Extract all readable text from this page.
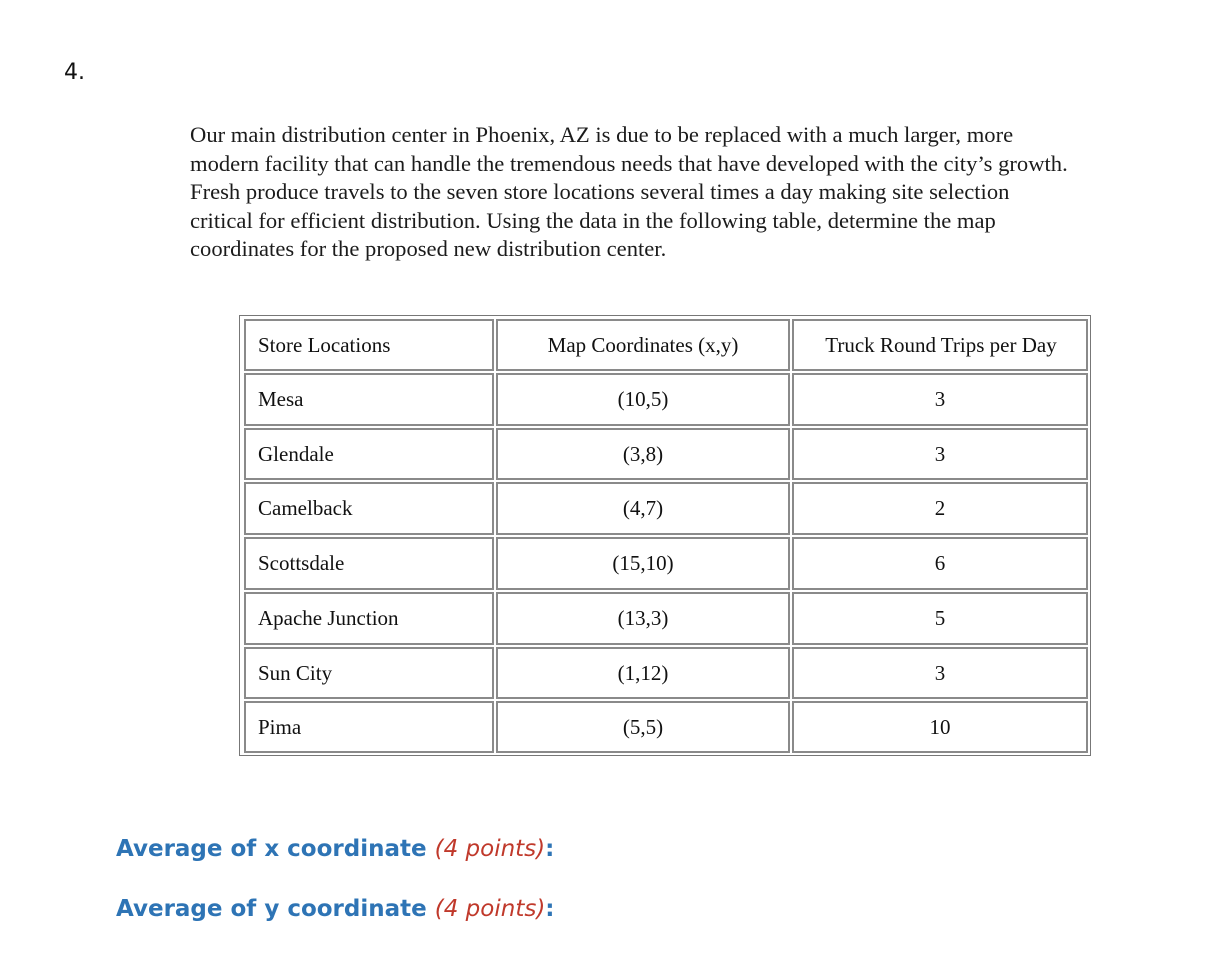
4.
Our main distribution center in Phoenix, AZ is due to be replaced with a much larger, more
modern facility that can handle the tremendous needs that have developed with the city’s growth.
Fresh produce travels to the seven store locations several times a day making site selection
critical for efficient distribution. Using the data in the following table, determine the map
coordinates for the proposed new distribution center.
Store Locations	Map Coordinates (x,y)	Truck Round Trips per Day
Mesa	(10,5)	3
Glendale	(3,8)	3
Camelback	(4,7)	2
Scottsdale	(15,10)	6
Apache Junction	(13,3)	5
Sun City	(1,12)	3
Pima	(5,5)	10
Average of x coordinate (4 points):
Average of y coordinate (4 points):
